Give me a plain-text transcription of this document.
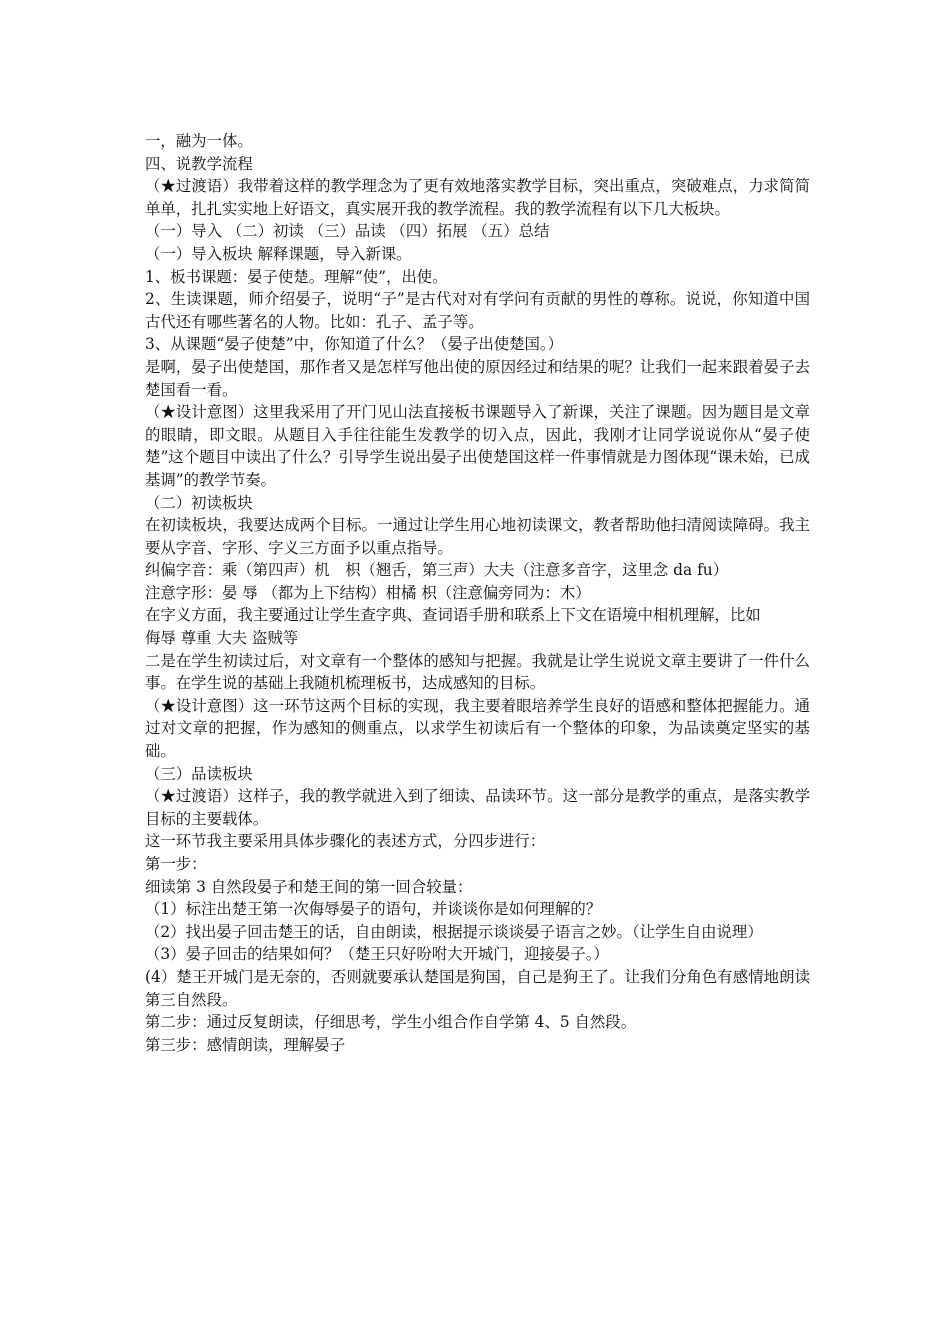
一，融为一体。

四、说教学流程

（★过渡语）我带着这样的教学理念为了更有效地落实教学目标，突出重点，突破难点，力求简简单单，扎扎实实地上好语文，真实展开我的教学流程。我的教学流程有以下几大板块。

（一）导入 （二）初读 （三）品读 （四）拓展 （五）总结

（一）导入板块 解释课题，导入新课。

1、板书课题：晏子使楚。理解“使”，出使。

2、生读课题，师介绍晏子，说明“子”是古代对对有学问有贡献的男性的尊称。说说，你知道中国古代还有哪些著名的人物。比如：孔子、孟子等。

3、从课题“晏子使楚”中，你知道了什么？（晏子出使楚国。）

是啊，晏子出使楚国，那作者又是怎样写他出使的原因经过和结果的呢？让我们一起来跟着晏子去楚国看一看。

（★设计意图）这里我采用了开门见山法直接板书课题导入了新课，关注了课题。因为题目是文章的眼睛，即文眼。从题目入手往往能生发教学的切入点，因此，我刚才让同学说说你从“晏子使楚”这个题目中读出了什么？引导学生说出晏子出使楚国这样一件事情就是力图体现“课未始，已成基调”的教学节奏。

（二）初读板块

在初读板块，我要达成两个目标。一通过让学生用心地初读课文，教者帮助他扫清阅读障碍。我主要从字音、字形、字义三方面予以重点指导。

纠偏字音：乘（第四声）机　枳（翘舌，第三声）大夫（注意多音字，这里念 da fu）

注意字形：晏 辱 （都为上下结构）柑橘 枳（注意偏旁同为：木）

在字义方面，我主要通过让学生查字典、查词语手册和联系上下文在语境中相机理解，比如

侮辱 尊重 大夫 盗贼等

二是在学生初读过后，对文章有一个整体的感知与把握。我就是让学生说说文章主要讲了一件什么事。在学生说的基础上我随机梳理板书，达成感知的目标。

（★设计意图）这一环节这两个目标的实现，我主要着眼培养学生良好的语感和整体把握能力。通过对文章的把握，作为感知的侧重点，以求学生初读后有一个整体的印象，为品读奠定坚实的基础。

（三）品读板块

（★过渡语）这样子，我的教学就进入到了细读、品读环节。这一部分是教学的重点，是落实教学目标的主要载体。

这一环节我主要采用具体步骤化的表述方式，分四步进行：

第一步：

细读第 3 自然段晏子和楚王间的第一回合较量：

（1）标注出楚王第一次侮辱晏子的语句，并谈谈你是如何理解的？

（2）找出晏子回击楚王的话，自由朗读，根据提示谈谈晏子语言之妙。（让学生自由说理）

（3）晏子回击的结果如何？（楚王只好吩咐大开城门，迎接晏子。）

(4）楚王开城门是无奈的，否则就要承认楚国是狗国，自己是狗王了。让我们分角色有感情地朗读第三自然段。

第二步：通过反复朗读，仔细思考，学生小组合作自学第 4、5 自然段。

第三步：感情朗读，理解晏子
